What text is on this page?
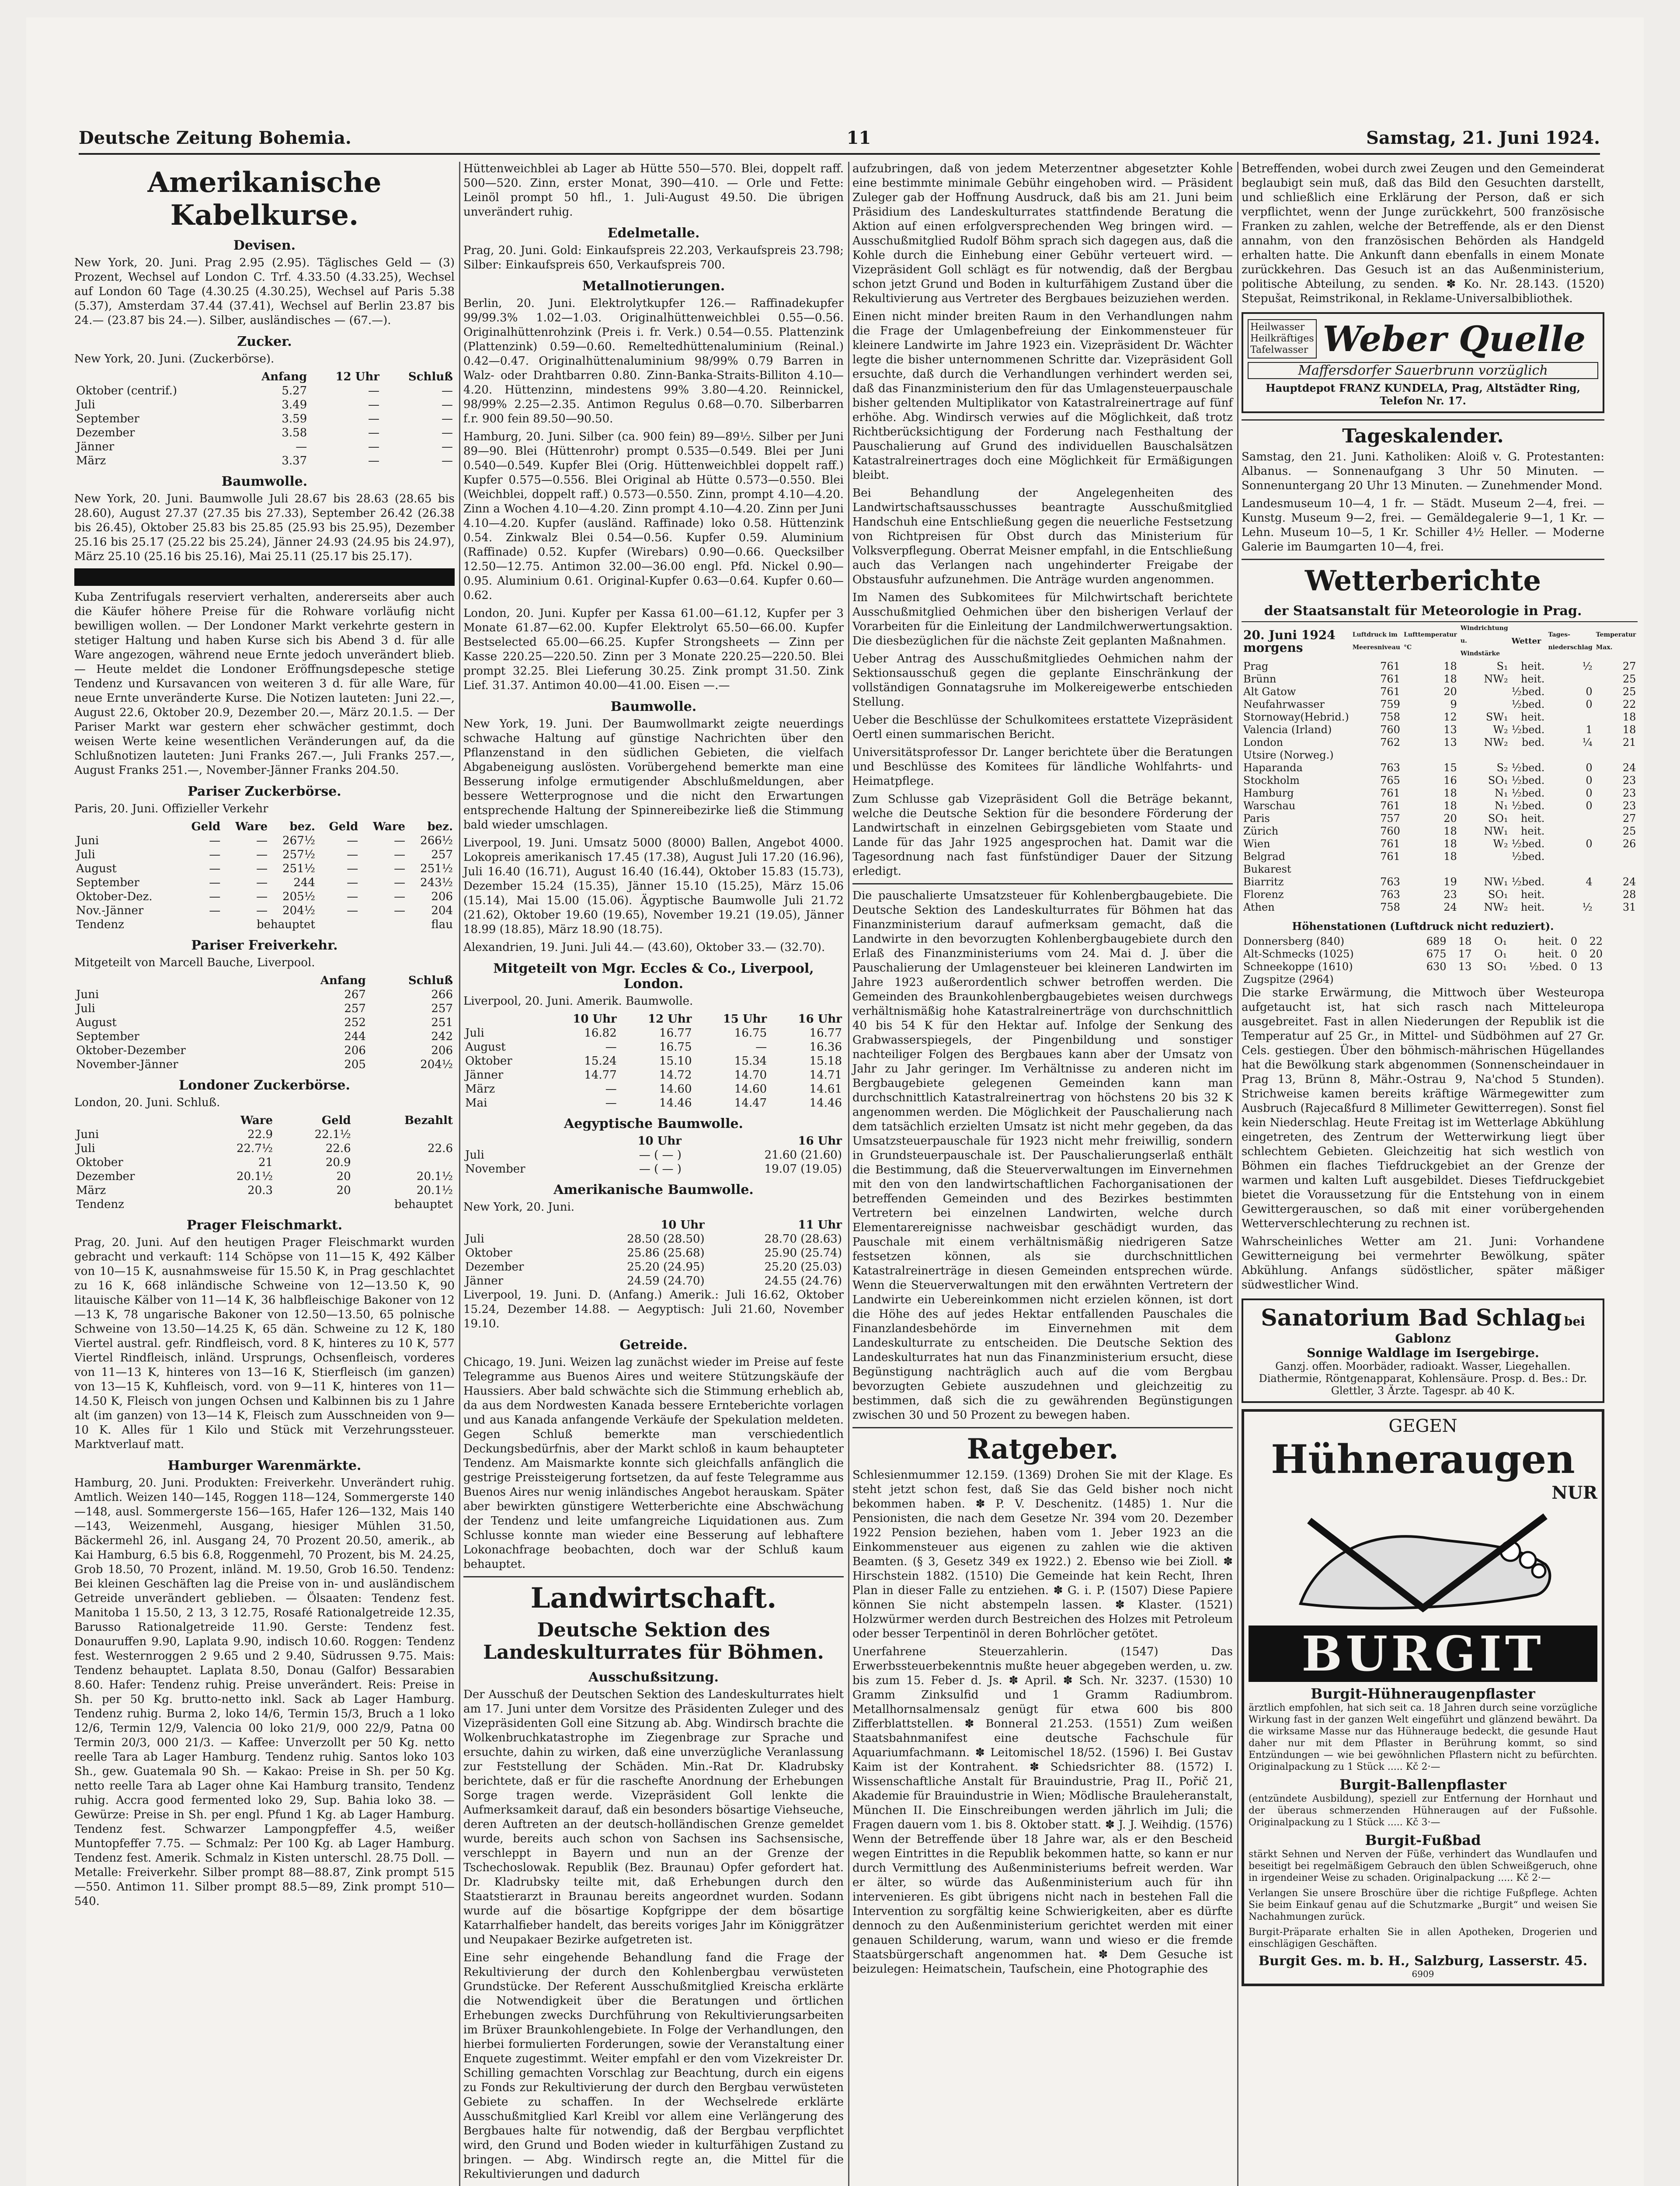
Deutsche Zeitung Bohemia.	11	Samstag, 21. Juni 1924.
Amerikanische Kabelkurse.
Devisen.

New York, 20. Juni. Prag 2.95 (2.95). Täglisches Geld — (3) Prozent, Wechsel auf London C. Trf. 4.33.50 (4.33.25), Wechsel auf London 60 Tage (4.30.25 (4.30.25), Wechsel auf Paris 5.38 (5.37), Amsterdam 37.44 (37.41), Wechsel auf Berlin 23.87 bis 24.— (23.87 bis 24.—). Silber, ausländisches — (67.—).

Zucker.

New York, 20. Juni. (Zuckerbörse).

	Anfang	12 Uhr	Schluß
Oktober (centrif.)	5.27	—	—
Juli	3.49	—	—
September	3.59	—	—
Dezember	3.58	—	—
Jänner	—	—	—
März	3.37	—	—
Baumwolle.

New York, 20. Juni. Baumwolle Juli 28.67 bis 28.63 (28.65 bis 28.60), August 27.37 (27.35 bis 27.33), September 26.42 (26.38 bis 26.45), Oktober 25.83 bis 25.85 (25.93 bis 25.95), Dezember 25.16 bis 25.17 (25.22 bis 25.24), Jänner 24.93 (24.95 bis 24.97), März 25.10 (25.16 bis 25.16), Mai 25.11 (25.17 bis 25.17).

Kuba Zentrifugals reserviert verhalten, andererseits aber auch die Käufer höhere Preise für die Rohware vorläufig nicht bewilligen wollen. — Der Londoner Markt verkehrte gestern in stetiger Haltung und haben Kurse sich bis Abend 3 d. für alle Ware angezogen, während neue Ernte jedoch unverändert blieb. — Heute meldet die Londoner Eröffnungsdepesche stetige Tendenz und Kursavancen von weiteren 3 d. für alle Ware, für neue Ernte unveränderte Kurse. Die Notizen lauteten: Juni 22.—, August 22.6, Oktober 20.9, Dezember 20.—, März 20.1.5. — Der Pariser Markt war gestern eher schwächer gestimmt, doch weisen Werte keine wesentlichen Veränderungen auf, da die Schlußnotizen lauteten: Juni Franks 267.—, Juli Franks 257.—, August Franks 251.—, November-Jänner Franks 204.50.

Pariser Zuckerbörse.

Paris, 20. Juni. Offizieller Verkehr

	Geld	Ware	bez.	Geld	Ware	bez.
Juni	—	—	267½	—	—	266½
Juli	—	—	257½	—	—	257
August	—	—	251½	—	—	251½
September	—	—	244	—	—	243½
Oktober-Dez.	—	—	205½	—	—	206
Nov.-Jänner	—	—	204½	—	—	204
Tendenz	behauptet			flau		
Pariser Freiverkehr.

Mitgeteilt von Marcell Bauche, Liverpool.

	Anfang	Schluß
Juni	267	266
Juli	257	257
August	252	251
September	244	242
Oktober-Dezember	206	206
November-Jänner	205	204½
Londoner Zuckerbörse.

London, 20. Juni. Schluß.

	Ware	Geld	Bezahlt
Juni	22.9	22.1½	
Juli	22.7½	22.6	22.6
Oktober	21	20.9	
Dezember	20.1½	20	20.1½
März	20.3	20	20.1½
Tendenz	behauptet		
Prager Fleischmarkt.

Prag, 20. Juni. Auf den heutigen Prager Fleischmarkt wurden gebracht und verkauft: 114 Schöpse von 11—15 K, 492 Kälber von 10—15 K, ausnahmsweise für 15.50 K, in Prag geschlachtet zu 16 K, 668 inländische Schweine von 12—13.50 K, 90 litauische Kälber von 11—14 K, 36 halbfleischige Bakoner von 12—13 K, 78 ungarische Bakoner von 12.50—13.50, 65 polnische Schweine von 13.50—14.25 K, 65 dän. Schweine zu 12 K, 180 Viertel austral. gefr. Rindfleisch, vord. 8 K, hinteres zu 10 K, 577 Viertel Rindfleisch, inländ. Ursprungs, Ochsenfleisch, vorderes von 11—13 K, hinteres von 13—16 K, Stierfleisch (im ganzen) von 13—15 K, Kuhfleisch, vord. von 9—11 K, hinteres von 11—14.50 K, Fleisch von jungen Ochsen und Kalbinnen bis zu 1 Jahre alt (im ganzen) von 13—14 K, Fleisch zum Ausschneiden von 9—10 K. Alles für 1 Kilo und Stück mit Verzehrungssteuer. Marktverlauf matt.

Hamburger Warenmärkte.

Hamburg, 20. Juni. Produkten: Freiverkehr. Unverändert ruhig. Amtlich. Weizen 140—145, Roggen 118—124, Sommergerste 140—148, ausl. Sommergerste 156—165, Hafer 126—132, Mais 140—143, Weizenmehl, Ausgang, hiesiger Mühlen 31.50, Bäckermehl 26, inl. Ausgang 24, 70 Prozent 20.50, amerik., ab Kai Hamburg, 6.5 bis 6.8, Roggenmehl, 70 Prozent, bis M. 24.25, Grob 18.50, 70 Prozent, inländ. M. 19.50, Grob 16.50. Tendenz: Bei kleinen Geschäften lag die Preise von in- und ausländischem Getreide unverändert geblieben. — Ölsaaten: Tendenz fest. Manitoba 1 15.50, 2 13, 3 12.75, Rosafé Rationalgetreide 12.35, Barusso Rationalgetreide 11.90. Gerste: Tendenz fest. Donauruffen 9.90, Laplata 9.90, indisch 10.60. Roggen: Tendenz fest. Westernroggen 2 9.65 und 2 9.40, Südrussen 9.75. Mais: Tendenz behauptet. Laplata 8.50, Donau (Galfor) Bessarabien 8.60. Hafer: Tendenz ruhig. Preise unverändert. Reis: Preise in Sh. per 50 Kg. brutto-netto inkl. Sack ab Lager Hamburg. Tendenz ruhig. Burma 2, loko 14/6, Termin 15/3, Bruch a 1 loko 12/6, Termin 12/9, Valencia 00 loko 21/9, 000 22/9, Patna 00 Termin 20/3, 000 21/3. — Kaffee: Unverzollt per 50 Kg. netto reelle Tara ab Lager Hamburg. Tendenz ruhig. Santos loko 103 Sh., gew. Guatemala 90 Sh. — Kakao: Preise in Sh. per 50 Kg. netto reelle Tara ab Lager ohne Kai Hamburg transito, Tendenz ruhig. Accra good fermented loko 29, Sup. Bahia loko 38. — Gewürze: Preise in Sh. per engl. Pfund 1 Kg. ab Lager Hamburg. Tendenz fest. Schwarzer Lampongpfeffer 4.5, weißer Muntopfeffer 7.75. — Schmalz: Per 100 Kg. ab Lager Hamburg. Tendenz fest. Amerik. Schmalz in Kisten unterschl. 28.75 Doll. — Metalle: Freiverkehr. Silber prompt 88—88.87, Zink prompt 515—550. Antimon 11. Silber prompt 88.5—89, Zink prompt 510—540.

Hüttenweichblei ab Lager ab Hütte 550—570. Blei, doppelt raff. 500—520. Zinn, erster Monat, 390—410. — Orle und Fette: Leinöl prompt 50 hfl., 1. Juli-August 49.50. Die übrigen unverändert ruhig.

Edelmetalle.

Prag, 20. Juni. Gold: Einkaufspreis 22.203, Verkaufspreis 23.798; Silber: Einkaufspreis 650, Verkaufspreis 700.

Metallnotierungen.

Berlin, 20. Juni. Elektrolytkupfer 126.— Raffinadekupfer 99/99.3% 1.02—1.03. Originalhüttenweichblei 0.55—0.56. Originalhüttenrohzink (Preis i. fr. Verk.) 0.54—0.55. Plattenzink (Plattenzink) 0.59—0.60. Remeltedhüttenaluminium (Reinal.) 0.42—0.47. Originalhüttenaluminium 98/99% 0.79 Barren in Walz- oder Drahtbarren 0.80. Zinn-Banka-Straits-Billiton 4.10—4.20. Hüttenzinn, mindestens 99% 3.80—4.20. Reinnickel, 98/99% 2.25—2.35. Antimon Regulus 0.68—0.70. Silberbarren f.r. 900 fein 89.50—90.50.

Hamburg, 20. Juni. Silber (ca. 900 fein) 89—89½. Silber per Juni 89—90. Blei (Hüttenrohr) prompt 0.535—0.549. Blei per Juni 0.540—0.549. Kupfer Blei (Orig. Hüttenweichblei doppelt raff.) Kupfer 0.575—0.556. Blei Original ab Hütte 0.573—0.550. Blei (Weichblei, doppelt raff.) 0.573—0.550. Zinn, prompt 4.10—4.20. Zinn a Wochen 4.10—4.20. Zinn prompt 4.10—4.20. Zinn per Juni 4.10—4.20. Kupfer (ausländ. Raffinade) loko 0.58. Hüttenzink 0.54. Zinkwalz Blei 0.54—0.56. Kupfer 0.59. Aluminium (Raffinade) 0.52. Kupfer (Wirebars) 0.90—0.66. Quecksilber 12.50—12.75. Antimon 32.00—36.00 engl. Pfd. Nickel 0.90—0.95. Aluminium 0.61. Original-Kupfer 0.63—0.64. Kupfer 0.60—0.62.

London, 20. Juni. Kupfer per Kassa 61.00—61.12, Kupfer per 3 Monate 61.87—62.00. Kupfer Elektrolyt 65.50—66.00. Kupfer Bestselected 65.00—66.25. Kupfer Strongsheets — Zinn per Kasse 220.25—220.50. Zinn per 3 Monate 220.25—220.50. Blei prompt 32.25. Blei Lieferung 30.25. Zink prompt 31.50. Zink Lief. 31.37. Antimon 40.00—41.00. Eisen —.—

Baumwolle.

New York, 19. Juni. Der Baumwollmarkt zeigte neuerdings schwache Haltung auf günstige Nachrichten über den Pflanzenstand in den südlichen Gebieten, die vielfach Abgabeneigung auslösten. Vorübergehend bemerkte man eine Besserung infolge ermutigender Abschlußmeldungen, aber bessere Wetterprognose und die nicht den Erwartungen entsprechende Haltung der Spinnereibezirke ließ die Stimmung bald wieder umschlagen.

Liverpool, 19. Juni. Umsatz 5000 (8000) Ballen, Angebot 4000. Lokopreis amerikanisch 17.45 (17.38), August Juli 17.20 (16.96), Juli 16.40 (16.71), August 16.40 (16.44), Oktober 15.83 (15.73), Dezember 15.24 (15.35), Jänner 15.10 (15.25), März 15.06 (15.14), Mai 15.00 (15.06). Ägyptische Baumwolle Juli 21.72 (21.62), Oktober 19.60 (19.65), November 19.21 (19.05), Jänner 18.99 (18.85), März 18.90 (18.75).

Alexandrien, 19. Juni. Juli 44.— (43.60), Oktober 33.— (32.70).

Mitgeteilt von Mgr. Eccles & Co., Liverpool, London.

Liverpool, 20. Juni. Amerik. Baumwolle.

	10 Uhr	12 Uhr	15 Uhr	16 Uhr
Juli	16.82	16.77	16.75	16.77
August	—	16.75	—	16.36
Oktober	15.24	15.10	15.34	15.18
Jänner	14.77	14.72	14.70	14.71
März	—	14.60	14.60	14.61
Mai	—	14.46	14.47	14.46
Aegyptische Baumwolle.
	10 Uhr	16 Uhr
Juli	— ( — )	21.60 (21.60)
November	— ( — )	19.07 (19.05)
Amerikanische Baumwolle.

New York, 20. Juni.

	10 Uhr	11 Uhr
Juli	28.50 (28.50)	28.70 (28.63)
Oktober	25.86 (25.68)	25.90 (25.74)
Dezember	25.20 (24.95)	25.20 (25.03)
Jänner	24.59 (24.70)	24.55 (24.76)

Liverpool, 19. Juni. D. (Anfang.) Amerik.: Juli 16.62, Oktober 15.24, Dezember 14.88. — Aegyptisch: Juli 21.60, November 19.10.

Getreide.

Chicago, 19. Juni. Weizen lag zunächst wieder im Preise auf feste Telegramme aus Buenos Aires und weitere Stützungskäufe der Haussiers. Aber bald schwächte sich die Stimmung erheblich ab, da aus dem Nordwesten Kanada bessere Ernteberichte vorlagen und aus Kanada anfangende Verkäufe der Spekulation meldeten. Gegen Schluß bemerkte man verschiedentlich Deckungsbedürfnis, aber der Markt schloß in kaum behaupteter Tendenz. Am Maismarkte konnte sich gleichfalls anfänglich die gestrige Preissteigerung fortsetzen, da auf feste Telegramme aus Buenos Aires nur wenig inländisches Angebot herauskam. Später aber bewirkten günstigere Wetterberichte eine Abschwächung der Tendenz und leite umfangreiche Liquidationen aus. Zum Schlusse konnte man wieder eine Besserung auf lebhaftere Lokonachfrage beobachten, doch war der Schluß kaum behauptet.

Landwirtschaft.
Deutsche Sektion des Landeskulturrates für Böhmen.
Ausschußsitzung.

Der Ausschuß der Deutschen Sektion des Landeskulturrates hielt am 17. Juni unter dem Vorsitze des Präsidenten Zuleger und des Vizepräsidenten Goll eine Sitzung ab. Abg. Windirsch brachte die Wolkenbruchkatastrophe im Ziegenbrage zur Sprache und ersuchte, dahin zu wirken, daß eine unverzügliche Veranlassung zur Feststellung der Schäden. Min.-Rat Dr. Kladrubsky berichtete, daß er für die raschefte Anordnung der Erhebungen Sorge tragen werde. Vizepräsident Goll lenkte die Aufmerksamkeit darauf, daß ein besonders bösartige Viehseuche, deren Auftreten an der deutsch-holländischen Grenze gemeldet wurde, bereits auch schon von Sachsen ins Sachsensische, verschleppt in Bayern und nun an der Grenze der Tschechoslowak. Republik (Bez. Braunau) Opfer gefordert hat. Dr. Kladrubsky teilte mit, daß Erhebungen durch den Staatstierarzt in Braunau bereits angeordnet wurden. Sodann wurde auf die bösartige Kopfgrippe der dem bösartige Katarrhalfieber handelt, das bereits voriges Jahr im Königgrätzer und Neupakaer Bezirke aufgetreten ist.

Eine sehr eingehende Behandlung fand die Frage der Rekultivierung der durch den Kohlenbergbau verwüsteten Grundstücke. Der Referent Ausschußmitglied Kreischa erklärte die Notwendigkeit über die Beratungen und örtlichen Erhebungen zwecks Durchführung von Rekultivierungsarbeiten im Brüxer Braunkohlengebiete. In Folge der Verhandlungen, den hierbei formulierten Forderungen, sowie der Veranstaltung einer Enquete zugestimmt. Weiter empfahl er den vom Vizekreister Dr. Schilling gemachten Vorschlag zur Beachtung, durch ein eigens zu Fonds zur Rekultivierung der durch den Bergbau verwüsteten Gebiete zu schaffen. In der Wechselrede erklärte Ausschußmitglied Karl Kreibl vor allem eine Verlängerung des Bergbaues halte für notwendig, daß der Bergbau verpflichtet wird, den Grund und Boden wieder in kulturfähigen Zustand zu bringen. — Abg. Windirsch regte an, die Mittel für die Rekultivierungen und dadurch

aufzubringen, daß von jedem Meterzentner abgesetzter Kohle eine bestimmte minimale Gebühr eingehoben wird. — Präsident Zuleger gab der Hoffnung Ausdruck, daß bis am 21. Juni beim Präsidium des Landeskulturrates stattfindende Beratung die Aktion auf einen erfolgversprechenden Weg bringen wird. — Ausschußmitglied Rudolf Böhm sprach sich dagegen aus, daß die Kohle durch die Einhebung einer Gebühr verteuert wird. — Vizepräsident Goll schlägt es für notwendig, daß der Bergbau schon jetzt Grund und Boden in kulturfähigem Zustand über die Rekultivierung aus Vertreter des Bergbaues beizuziehen werden.

Einen nicht minder breiten Raum in den Verhandlungen nahm die Frage der Umlagenbefreiung der Einkommensteuer für kleinere Landwirte im Jahre 1923 ein. Vizepräsident Dr. Wächter legte die bisher unternommenen Schritte dar. Vizepräsident Goll ersuchte, daß durch die Verhandlungen verhindert werden sei, daß das Finanzministerium den für das Umlagensteuerpauschale bisher geltenden Multiplikator von Katastralreinertrage auf fünf erhöhe. Abg. Windirsch verwies auf die Möglichkeit, daß trotz Richtberücksichtigung der Forderung nach Festhaltung der Pauschalierung auf Grund des individuellen Bauschalsätzen Katastralreinertrages doch eine Möglichkeit für Ermäßigungen bleibt.

Bei Behandlung der Angelegenheiten des Landwirtschaftsausschusses beantragte Ausschußmitglied Handschuh eine Entschließung gegen die neuerliche Festsetzung von Richtpreisen für Obst durch das Ministerium für Volksverpflegung. Oberrat Meisner empfahl, in die Entschließung auch das Verlangen nach ungehinderter Freigabe der Obstausfuhr aufzunehmen. Die Anträge wurden angenommen.

Im Namen des Subkomitees für Milchwirtschaft berichtete Ausschußmitglied Oehmichen über den bisherigen Verlauf der Vorarbeiten für die Einleitung der Landmilchwerwertungsaktion. Die diesbezüglichen für die nächste Zeit geplanten Maßnahmen.

Ueber Antrag des Ausschußmitgliedes Oehmichen nahm der Sektionsausschuß gegen die geplante Einschränkung der vollständigen Gonnatagsruhe im Molkereigewerbe entschieden Stellung.

Ueber die Beschlüsse der Schulkomitees erstattete Vizepräsident Oertl einen summarischen Bericht.

Universitätsprofessor Dr. Langer berichtete über die Beratungen und Beschlüsse des Komitees für ländliche Wohlfahrts- und Heimatpflege.

Zum Schlusse gab Vizepräsident Goll die Beträge bekannt, welche die Deutsche Sektion für die besondere Förderung der Landwirtschaft in einzelnen Gebirgsgebieten vom Staate und Lande für das Jahr 1925 angesprochen hat. Damit war die Tagesordnung nach fast fünfstündiger Dauer der Sitzung erledigt.

Die pauschalierte Umsatzsteuer für Kohlenbergbaugebiete. Die Deutsche Sektion des Landeskulturrates für Böhmen hat das Finanzministerium darauf aufmerksam gemacht, daß die Landwirte in den bevorzugten Kohlenbergbaugebiete durch den Erlaß des Finanzministeriums vom 24. Mai d. J. über die Pauschalierung der Umlagensteuer bei kleineren Landwirten im Jahre 1923 außerordentlich schwer betroffen werden. Die Gemeinden des Braunkohlenbergbaugebietes weisen durchwegs verhältnismäßig hohe Katastralreinerträge von durchschnittlich 40 bis 54 K für den Hektar auf. Infolge der Senkung des Grabwasserspiegels, der Pingenbildung und sonstiger nachteiliger Folgen des Bergbaues kann aber der Umsatz von Jahr zu Jahr geringer. Im Verhältnisse zu anderen nicht im Bergbaugebiete gelegenen Gemeinden kann man durchschnittlich Katastralreinertrag von höchstens 20 bis 32 K angenommen werden. Die Möglichkeit der Pauschalierung nach dem tatsächlich erzielten Umsatz ist nicht mehr gegeben, da das Umsatzsteuerpauschale für 1923 nicht mehr freiwillig, sondern in Grundsteuerpauschale ist. Der Pauschalierungserlaß enthält die Bestimmung, daß die Steuerverwaltungen im Einvernehmen mit den von den landwirtschaftlichen Fachorganisationen der betreffenden Gemeinden und des Bezirkes bestimmten Vertretern bei einzelnen Landwirten, welche durch Elementarereignisse nachweisbar geschädigt wurden, das Pauschale mit einem verhältnismäßig niedrigeren Satze festsetzen können, als sie durchschnittlichen Katastralreinerträge in diesen Gemeinden entsprechen würde. Wenn die Steuerverwaltungen mit den erwähnten Vertretern der Landwirte ein Uebereinkommen nicht erzielen können, ist dort die Höhe des auf jedes Hektar entfallenden Pauschales die Finanzlandesbehörde im Einvernehmen mit dem Landeskulturrate zu entscheiden. Die Deutsche Sektion des Landeskulturrates hat nun das Finanzministerium ersucht, diese Begünstigung nachträglich auch auf die vom Bergbau bevorzugten Gebiete auszudehnen und gleichzeitig zu bestimmen, daß sich die zu gewährenden Begünstigungen zwischen 30 und 50 Prozent zu bewegen haben.

Ratgeber.

Schlesienmummer 12.159. (1369) Drohen Sie mit der Klage. Es steht jetzt schon fest, daß Sie das Geld bisher noch nicht bekommen haben. ✽ P. V. Deschenitz. (1485) 1. Nur die Pensionisten, die nach dem Gesetze Nr. 394 vom 20. Dezember 1922 Pension beziehen, haben vom 1. Jeber 1923 an die Einkommensteuer aus eigenen zu zahlen wie die aktiven Beamten. (§ 3, Gesetz 349 ex 1922.) 2. Ebenso wie bei Zioll. ✽ Hirschstein 1882. (1510) Die Gemeinde hat kein Recht, Ihren Plan in dieser Falle zu entziehen. ✽ G. i. P. (1507) Diese Papiere können Sie nicht abstempeln lassen. ✽ Klaster. (1521) Holzwürmer werden durch Bestreichen des Holzes mit Petroleum oder besser Terpentinöl in deren Bohrlöcher getötet.

Unerfahrene Steuerzahlerin. (1547) Das Erwerbssteuerbekenntnis mußte heuer abgegeben werden, u. zw. bis zum 15. Feber d. Js. ✽ April. ✽ Sch. Nr. 3237. (1530) 10 Gramm Zinksulfid und 1 Gramm Radiumbrom. Metallhornsalmensalz genügt für etwa 600 bis 800 Zifferblattstellen. ✽ Bonneral 21.253. (1551) Zum weißen Staatsbahnmanifest eine deutsche Fachschule für Aquariumfachmann. ✽ Leitomischel 18/52. (1596) I. Bei Gustav Kaim ist der Kontrahent. ✽ Schiedsrichter 88. (1572) I. Wissenschaftliche Anstalt für Brauindustrie, Prag II., Pořič 21, Akademie für Brauindustrie in Wien; Mödlische Brauleheranstalt, München II. Die Einschreibungen werden jährlich im Juli; die Fragen dauern vom 1. bis 8. Oktober statt. ✽ J. J. Weihdig. (1576) Wenn der Betreffende über 18 Jahre war, als er den Bescheid wegen Eintrittes in die Republik bekommen hatte, so kann er nur durch Vermittlung des Außenministeriums befreit werden. War er älter, so würde das Außenministerium auch für ihn intervenieren. Es gibt übrigens nicht nach in bestehen Fall die Intervention zu sorgfältig keine Schwierigkeiten, aber es dürfte dennoch zu den Außenministerium gerichtet werden mit einer genauen Schilderung, warum, wann und wieso er die fremde Staatsbürgerschaft angenommen hat. ✽ Dem Gesuche ist beizulegen: Heimatschein, Taufschein, eine Photographie des

Betreffenden, wobei durch zwei Zeugen und den Gemeinderat beglaubigt sein muß, daß das Bild den Gesuchten darstellt, und schließlich eine Erklärung der Person, daß er sich verpflichtet, wenn der Junge zurückkehrt, 500 französische Franken zu zahlen, welche der Betreffende, als er den Dienst annahm, von den französischen Behörden als Handgeld erhalten hatte. Die Ankunft dann ebenfalls in einem Monate zurückkehren. Das Gesuch ist an das Außenministerium, politische Abteilung, zu senden. ✽ Ko. Nr. 28.143. (1520) Stepušat, Reimstrikonal, in Reklame-Universalbibliothek.

Heilwasser
Heilkräftiges
Tafelwasser Weber Quelle
Maffersdorfer Sauerbrunn vorzüglich
Hauptdepot FRANZ KUNDELA, Prag, Altstädter Ring, Telefon Nr. 17.
Tageskalender.

Samstag, den 21. Juni. Katholiken: Aloiß v. G. Protestanten: Albanus. — Sonnenaufgang 3 Uhr 50 Minuten. — Sonnenuntergang 20 Uhr 13 Minuten. — Zunehmender Mond.

Landesmuseum 10—4, 1 fr. — Städt. Museum 2—4, frei. — Kunstg. Museum 9—2, frei. — Gemäldegalerie 9—1, 1 Kr. — Lehn. Museum 10—5, 1 Kr. Schiller 4½ Heller. — Moderne Galerie im Baumgarten 10—4, frei.

Wetterberichte
der Staatsanstalt für Meteorologie in Prag.
20. Juni 1924
morgens	Luftdruck im Meeresniveau	Lufttemperatur °C	Windrichtung u. Windstärke	Wetter	Tages-niederschlag	Temperatur Max.
Prag	761	18	S₁	heit.	½	27
Brünn	761	18	NW₂	heit.		25
Alt Gatow	761	20		½bed.	0	25
Neufahrwasser	759	9		½bed.	0	22
Stornoway(Hebrid.)	758	12	SW₁	heit.		18
Valencia (Irland)	760	13	W₂	½bed.	1	18
London	762	13	NW₂	bed.	¼	21
Utsire (Norweg.)						
Haparanda	763	15	S₂	½bed.	0	24
Stockholm	765	16	SO₁	½bed.	0	23
Hamburg	761	18	N₁	½bed.	0	23
Warschau	761	18	N₁	½bed.	0	23
Paris	757	20	SO₁	heit.		27
Zürich	760	18	NW₁	heit.		25
Wien	761	18	W₂	½bed.	0	26
Belgrad	761	18		½bed.		
Bukarest						
Biarritz	763	19	NW₁	½bed.	4	24
Florenz	763	23	SO₁	heit.		28
Athen	758	24	NW₂	heit.	½	31
Höhenstationen (Luftdruck nicht reduziert).
Donnersberg (840)	689	18	O₁	heit.	0	22
Alt-Schmecks (1025)	675	17	O₁	heit.	0	20
Schneekoppe (1610)	630	13	SO₁	½bed.	0	13
Zugspitze (2964)						

Die starke Erwärmung, die Mittwoch über Westeuropa aufgetaucht ist, hat sich rasch nach Mitteleuropa ausgebreitet. Fast in allen Niederungen der Republik ist die Temperatur auf 25 Gr., in Mittel- und Südböhmen auf 27 Gr. Cels. gestiegen. Über den böhmisch-mährischen Hügellandes hat die Bewölkung stark abgenommen (Sonnenscheindauer in Prag 13, Brünn 8, Mähr.-Ostrau 9, Na'chod 5 Stunden). Strichweise kamen bereits kräftige Wärmegewitter zum Ausbruch (Rajecaßfurd 8 Millimeter Gewitterregen). Sonst fiel kein Niederschlag. Heute Freitag ist im Wetterlage Abkühlung eingetreten, des Zentrum der Wetterwirkung liegt über schlechtem Gebieten. Gleichzeitig hat sich westlich von Böhmen ein flaches Tiefdruckgebiet an der Grenze der warmen und kalten Luft ausgebildet. Dieses Tiefdruckgebiet bietet die Voraussetzung für die Entstehung von in einem Gewittergerauschen, so daß mit einer vorübergehenden Wetterverschlechterung zu rechnen ist.

Wahrscheinliches Wetter am 21. Juni: Vorhandene Gewitterneigung bei vermehrter Bewölkung, später Abkühlung. Anfangs südöstlicher, später mäßiger südwestlicher Wind.

Sanatorium Bad Schlag bei Gablonz
Sonnige Waldlage im Isergebirge.
Ganzj. offen. Moorbäder, radioakt. Wasser, Liegehallen. Diathermie, Röntgenapparat, Kohlensäure. Prosp. d. Bes.: Dr. Glettler, 3 Ärzte. Tagespr. ab 40 K.
GEGEN
Hühneraugen
NUR
BURGIT
Burgit-Hühneraugenpflaster

ärztlich empfohlen, hat sich seit ca. 18 Jahren durch seine vorzügliche Wirkung fast in der ganzen Welt eingeführt und glänzend bewährt. Da die wirksame Masse nur das Hühnerauge bedeckt, die gesunde Haut daher nur mit dem Pflaster in Berührung kommt, so sind Entzündungen — wie bei gewöhnlichen Pflastern nicht zu befürchten. Originalpackung zu 1 Stück ..... Kč 2·—

Burgit-Ballenpflaster

(entzündete Ausbildung), speziell zur Entfernung der Hornhaut und der überaus schmerzenden Hühneraugen auf der Fußsohle. Originalpackung zu 1 Stück ..... Kč 3·—

Burgit-Fußbad

stärkt Sehnen und Nerven der Füße, verhindert das Wundlaufen und beseitigt bei regelmäßigem Gebrauch den üblen Schweißgeruch, ohne in irgendeiner Weise zu schaden. Originalpackung ..... Kč 2·—

Verlangen Sie unsere Broschüre über die richtige Fußpflege. Achten Sie beim Einkauf genau auf die Schutzmarke „Burgit“ und weisen Sie Nachahmungen zurück.

Burgit-Präparate erhalten Sie in allen Apotheken, Drogerien und einschlägigen Geschäften.

Burgit Ges. m. b. H., Salzburg, Lasserstr. 45.
6909
